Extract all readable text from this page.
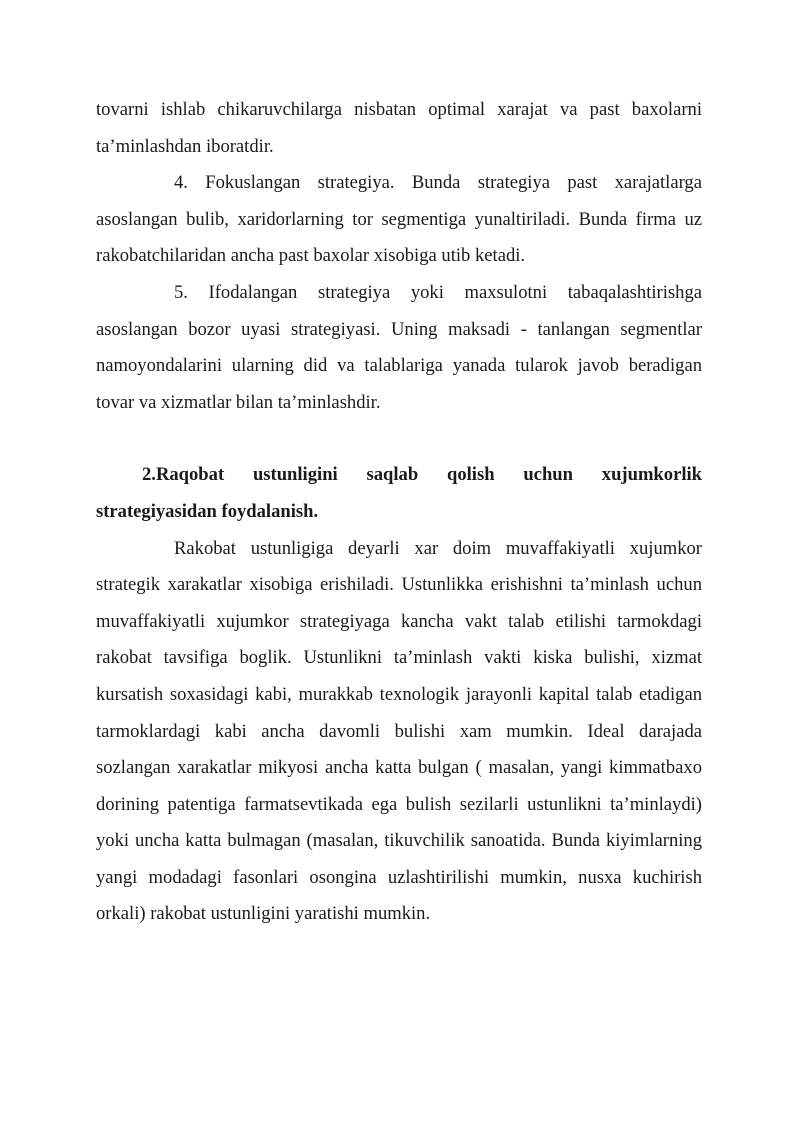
tovarni ishlab chikaruvchilarga nisbatan optimal xarajat va past baxolarni ta’minlashdan iboratdir.

4. Fokuslangan strategiya. Bunda strategiya past xarajatlarga asoslangan bulib, xaridorlarning tor segmentiga yunaltiriladi. Bunda firma uz rakobatchilaridan ancha past baxolar xisobiga utib ketadi.

5. Ifodalangan strategiya yoki maxsulotni tabaqalashtirishga asoslangan bozor uyasi strategiyasi. Uning maksadi - tanlangan segmentlar namoyondalarini ularning did va talablariga yanada tularok javob beradigan tovar va xizmatlar bilan ta’minlashdir.

2.Raqobat ustunligini saqlab qolish uchun xujumkorlik strategiyasidan foydalanish.

Rakobat ustunligiga deyarli xar doim muvaffakiyatli xujumkor strategik xarakatlar xisobiga erishiladi. Ustunlikka erishishni ta’minlash uchun muvaffakiyatli xujumkor strategiyaga kancha vakt talab etilishi tarmokdagi rakobat tavsifiga boglik. Ustunlikni ta’minlash vakti kiska bulishi, xizmat kursatish soxasidagi kabi, murakkab texnologik jarayonli kapital talab etadigan tarmoklardagi kabi ancha davomli bulishi xam mumkin. Ideal darajada sozlangan xarakatlar mikyosi ancha katta bulgan ( masalan, yangi kimmatbaxo dorining patentiga farmatsevtikada ega bulish sezilarli ustunlikni ta’minlaydi) yoki uncha katta bulmagan (masalan, tikuvchilik sanoatida. Bunda kiyimlarning yangi modadagi fasonlari osongina uzlashtirilishi mumkin, nusxa kuchirish orkali) rakobat ustunligini yaratishi mumkin.
